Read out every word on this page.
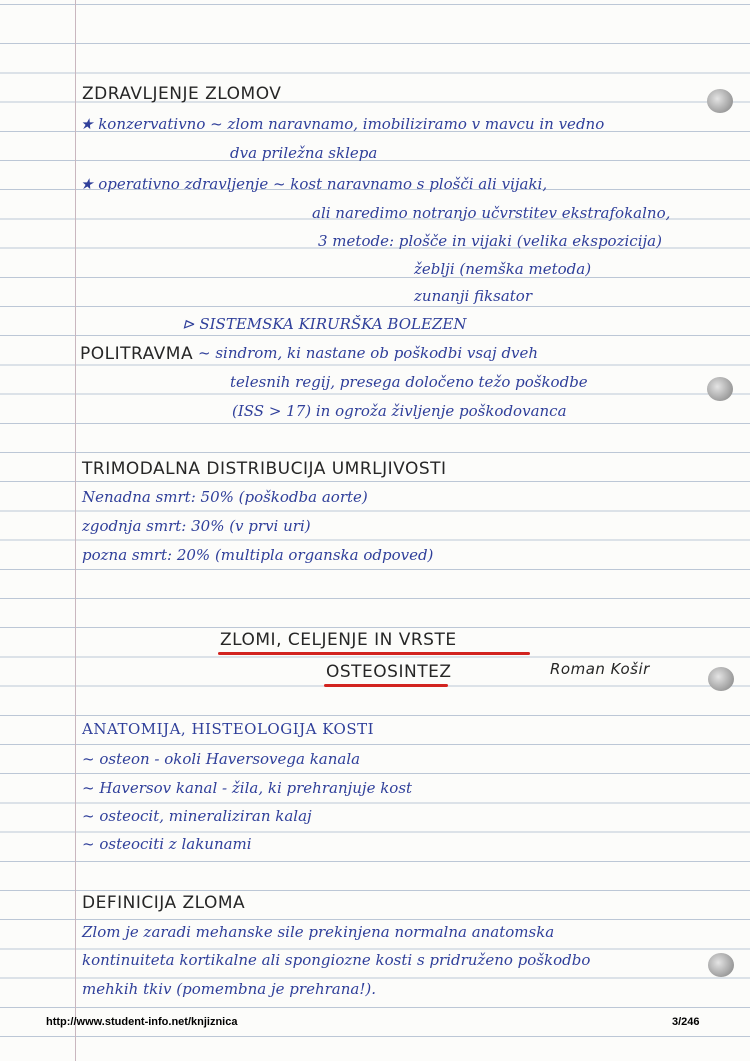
ZDRAVLJENJE ZLOMOV
★ konzervativno ~ zlom naravnamo, imobiliziramo v mavcu in vedno
dva priležna sklepa
★ operativno zdravljenje ~ kost naravnamo s plošči ali vijaki,
ali naredimo notranjo učvrstitev ekstrafokalno,
3 metode: plošče in vijaki (velika ekspozicija)
žeblji (nemška metoda)
zunanji fiksator
⊳ SISTEMSKA KIRURŠKA BOLEZEN
POLITRAVMA ~ sindrom, ki nastane ob poškodbi vsaj dveh
telesnih regij, presega določeno težo poškodbe
(ISS > 17) in ogroža življenje poškodovanca
TRIMODALNA DISTRIBUCIJA UMRLJIVOSTI
Nenadna smrt: 50% (poškodba aorte)
zgodnja smrt: 30% (v prvi uri)
pozna smrt: 20% (multipla organska odpoved)
ZLOMI, CELJENJE IN VRSTE
OSTEOSINTEZ	Roman Košir
ANATOMIJA, HISTEOLOGIJA KOSTI
~ osteon - okoli Haversovega kanala
~ Haversov kanal - žila, ki prehranjuje kost
~ osteocit, mineraliziran kalaj
~ osteociti z lakunami
DEFINICIJA ZLOMA
Zlom je zaradi mehanske sile prekinjena normalna anatomska
kontinuiteta kortikalne ali spongiozne kosti s pridruženo poškodbo
mehkih tkiv (pomembna je prehrana!).
http://www.student-info.net/knjiznica	3/246
